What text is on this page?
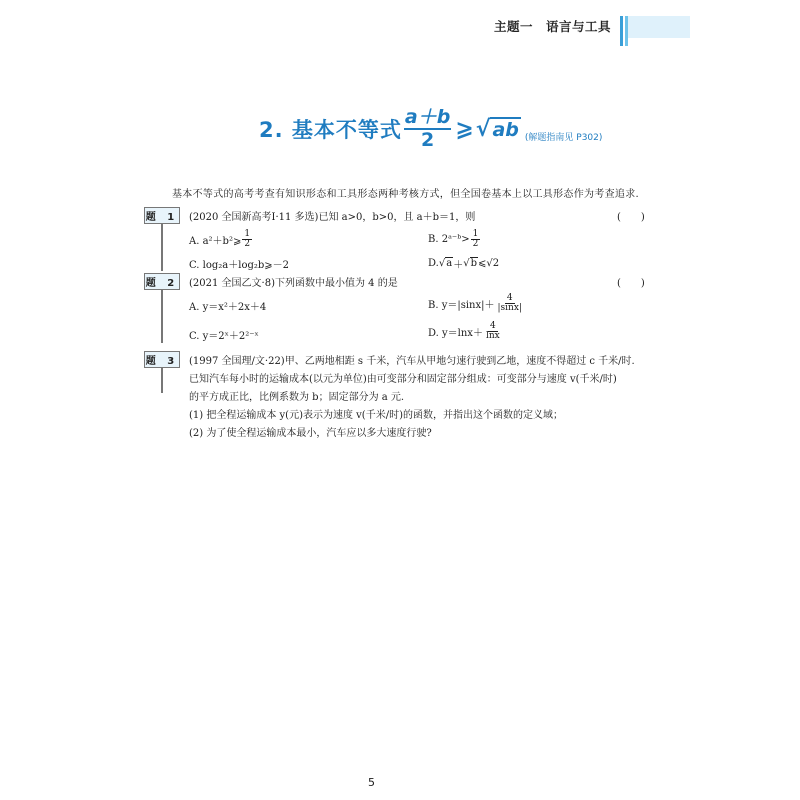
主题一　语言与工具
2. 基本不等式 $\frac{a+b}{2}$ ⩾ √ ab (解题指南见 P302)
基本不等式的高考考查有知识形态和工具形态两种考核方式，但全国卷基本上以工具形态作为考查追求.
题 1 (2020 全国新高考Ⅰ·11 多选)已知 a>0，b>0，且 a＋b＝1，则	(　　)
A. a²＋b²⩾ $\frac{1}{2}$	B. 2ᵃ⁻ᵇ> $\frac{1}{2}$
C. log₂a＋log₂b⩾－2	D. √a ＋ √b ⩽√2
题 2 (2021 全国乙文·8)下列函数中最小值为 4 的是	(　　)
A. y＝x²＋2x＋4	B. $y=|\sin x|+ \frac{4}{|\sin x|}$
C. y＝2ˣ＋2²⁻ˣ	D. $y=\ln x+ \frac{4}{\ln x}$
题 3 (1997 全国理/文·22)甲、乙两地相距 s 千米，汽车从甲地匀速行驶到乙地，速度不得超过 c 千米/时.
已知汽车每小时的运输成本(以元为单位)由可变部分和固定部分组成：可变部分与速度 v(千米/时)
的平方成正比，比例系数为 b；固定部分为 a 元.
(1) 把全程运输成本 y(元)表示为速度 v(千米/时)的函数，并指出这个函数的定义域；
(2) 为了使全程运输成本最小，汽车应以多大速度行驶?
5
